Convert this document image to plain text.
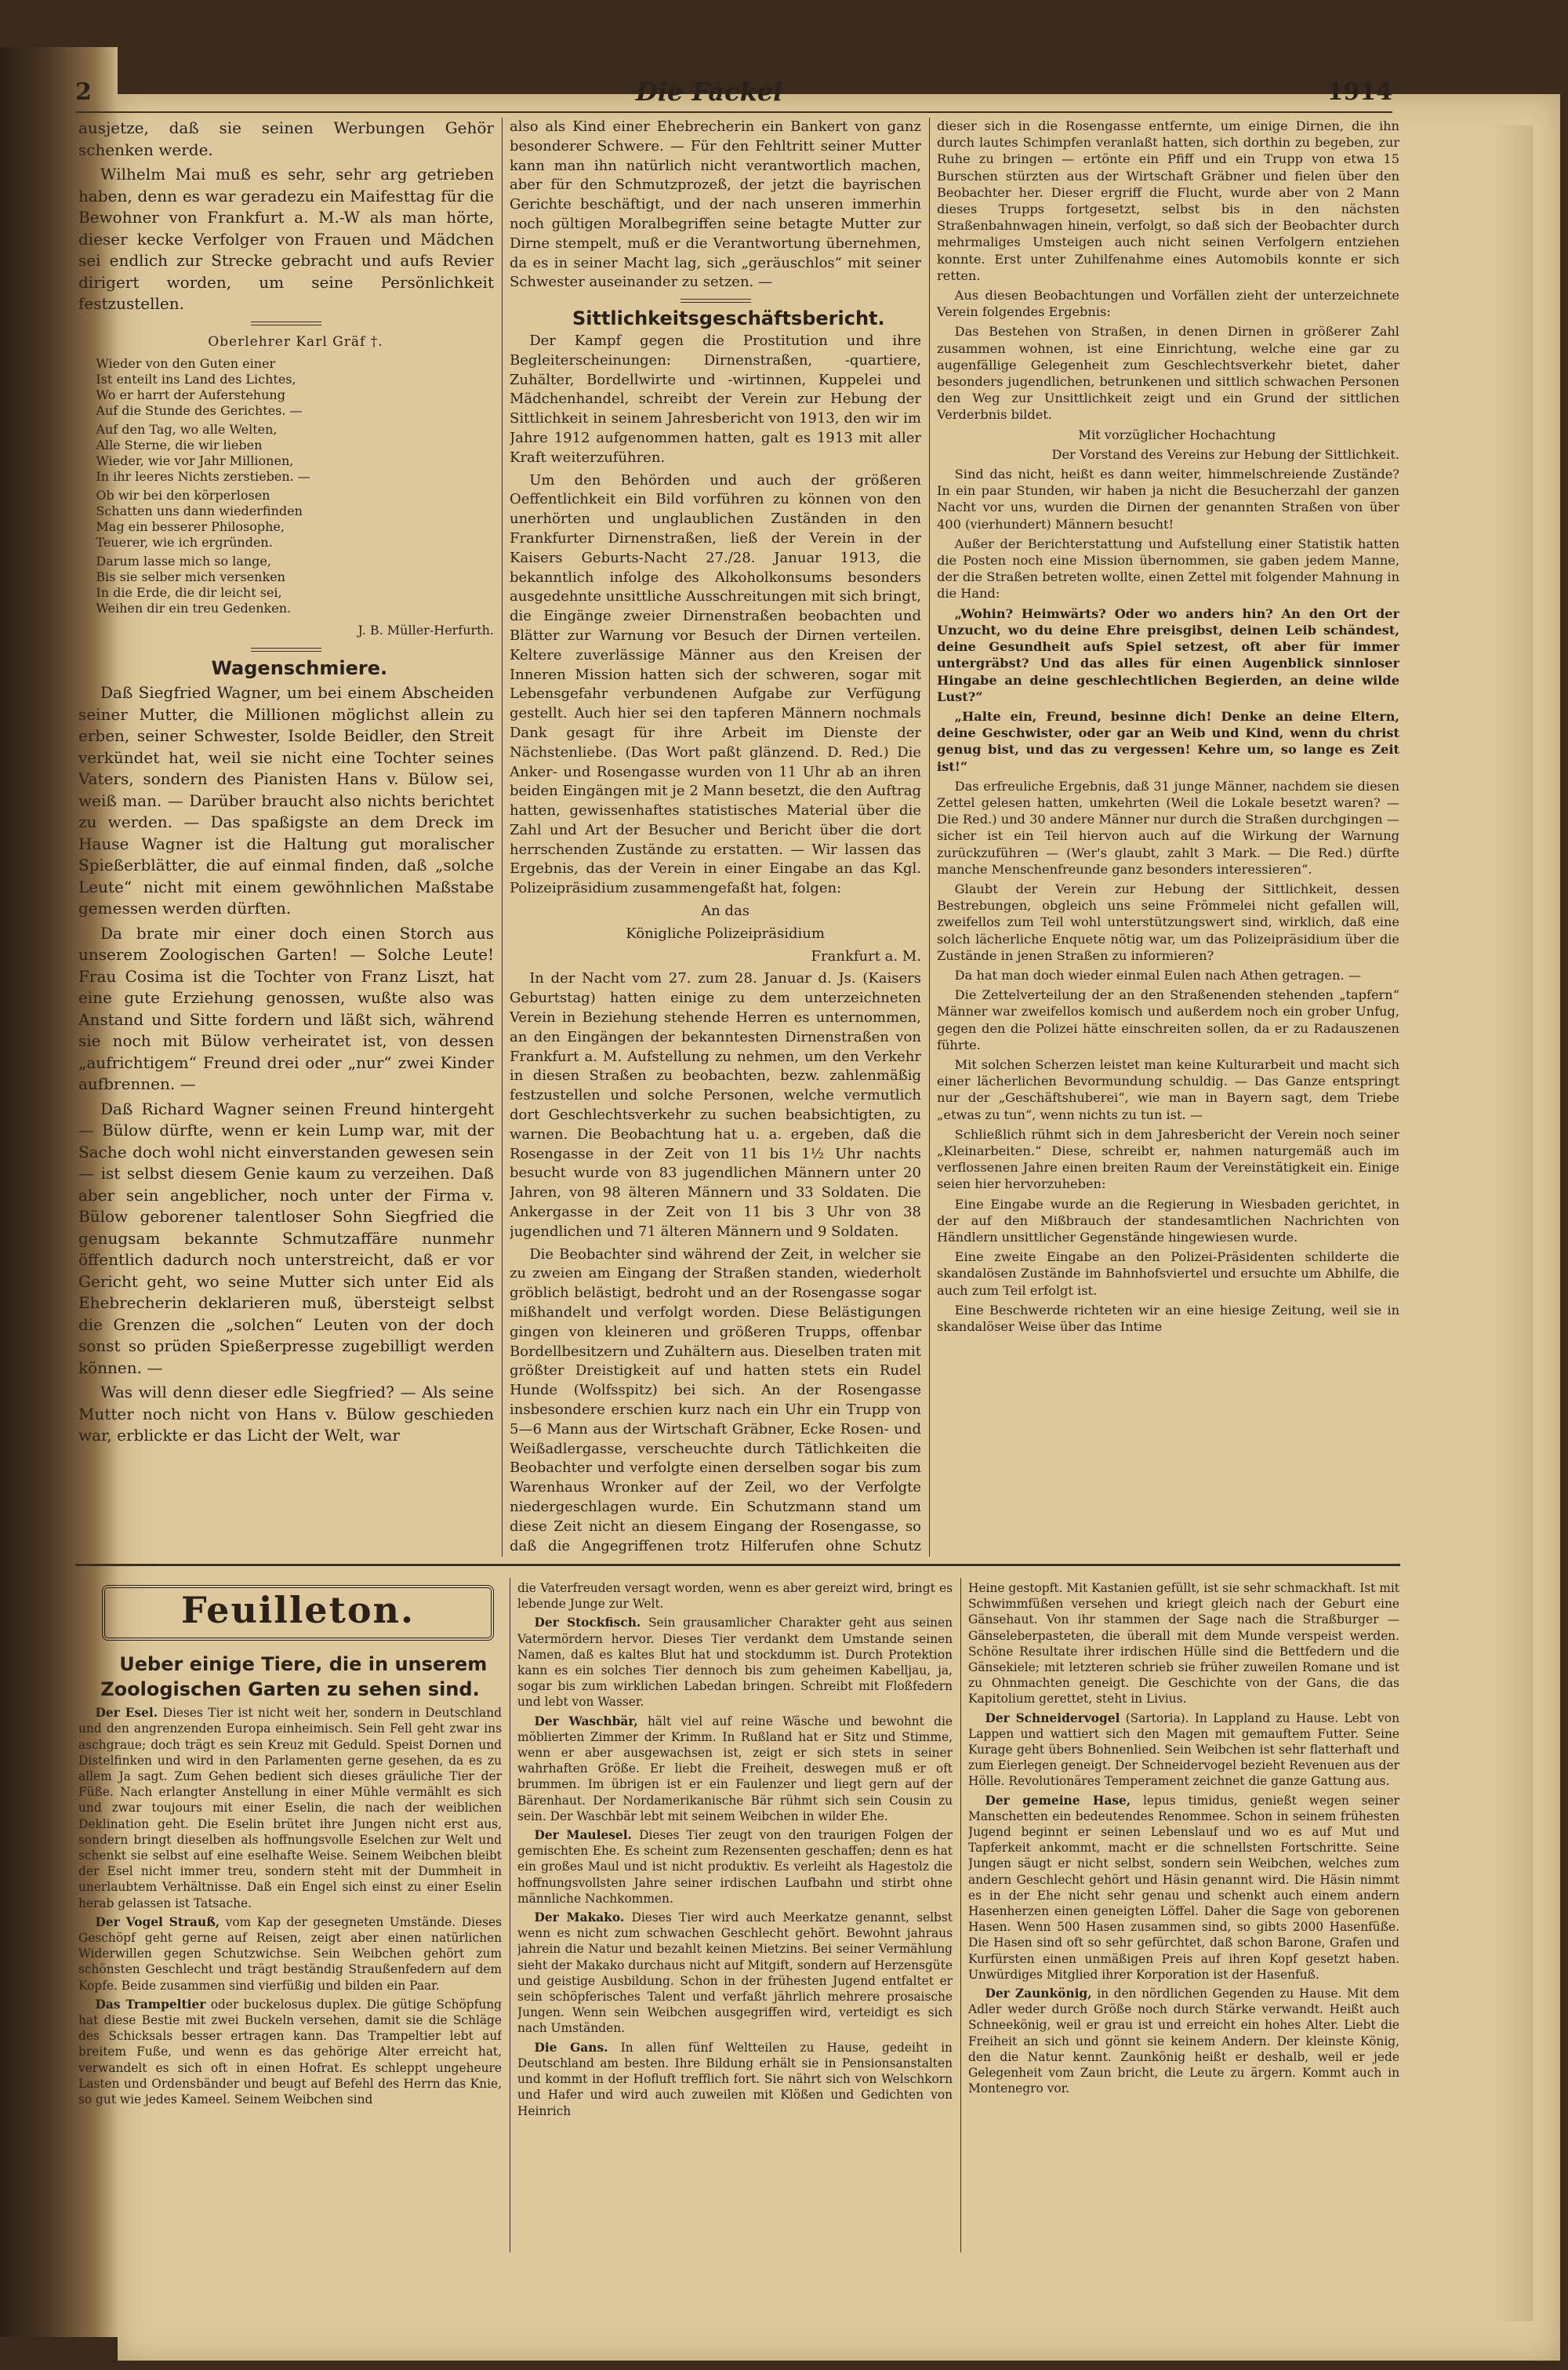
2	Die Fackel	1914

ausjetze, daß sie seinen Werbungen Gehör schenken werde.

Wilhelm Mai muß es sehr, sehr arg getrieben haben, denn es war geradezu ein Maifesttag für die Bewohner von Frankfurt a. M.-W als man hörte, dieser kecke Verfolger von Frauen und Mädchen sei endlich zur Strecke gebracht und aufs Revier dirigert worden, um seine Persönlichkeit festzustellen.

Oberlehrer Karl Gräf †.

Wieder von den Guten einer
Ist enteilt ins Land des Lichtes,
Wo er harrt der Auferstehung
Auf die Stunde des Gerichtes. —

Auf den Tag, wo alle Welten,
Alle Sterne, die wir lieben
Wieder, wie vor Jahr Millionen,
In ihr leeres Nichts zerstieben. —

Ob wir bei den körperlosen
Schatten uns dann wiederfinden
Mag ein besserer Philosophe,
Teuerer, wie ich ergründen.

Darum lasse mich so lange,
Bis sie selber mich versenken
In die Erde, die dir leicht sei,
Weihen dir ein treu Gedenken.

J. B. Müller-Herfurth.

Wagenschmiere.

Daß Siegfried Wagner, um bei einem Abscheiden seiner Mutter, die Millionen möglichst allein zu erben, seiner Schwester, Isolde Beidler, den Streit verkündet hat, weil sie nicht eine Tochter seines Vaters, sondern des Pianisten Hans v. Bülow sei, weiß man. — Darüber braucht also nichts berichtet zu werden. — Das spaßigste an dem Dreck im Hause Wagner ist die Haltung gut moralischer Spießerblätter, die auf einmal finden, daß „solche Leute“ nicht mit einem gewöhnlichen Maßstabe gemessen werden dürften.

Da brate mir einer doch einen Storch aus unserem Zoologischen Garten! — Solche Leute! Frau Cosima ist die Tochter von Franz Liszt, hat eine gute Erziehung genossen, wußte also was Anstand und Sitte fordern und läßt sich, während sie noch mit Bülow verheiratet ist, von dessen „aufrichtigem“ Freund drei oder „nur“ zwei Kinder aufbrennen. —

Daß Richard Wagner seinen Freund hintergeht — Bülow dürfte, wenn er kein Lump war, mit der Sache doch wohl nicht einverstanden gewesen sein — ist selbst diesem Genie kaum zu verzeihen. Daß aber sein angeblicher, noch unter der Firma v. Bülow geborener talentloser Sohn Siegfried die genugsam bekannte Schmutzaffäre nunmehr öffentlich dadurch noch unterstreicht, daß er vor Gericht geht, wo seine Mutter sich unter Eid als Ehebrecherin deklarieren muß, übersteigt selbst die Grenzen die „solchen“ Leuten von der doch sonst so prüden Spießerpresse zugebilligt werden können. —

Was will denn dieser edle Siegfried? — Als seine Mutter noch nicht von Hans v. Bülow geschieden war, erblickte er das Licht der Welt, war

also als Kind einer Ehebrecherin ein Bankert von ganz besonderer Schwere. — Für den Fehltritt seiner Mutter kann man ihn natürlich nicht verantwortlich machen, aber für den Schmutzprozeß, der jetzt die bayrischen Gerichte beschäftigt, und der nach unseren immerhin noch gültigen Moralbegriffen seine betagte Mutter zur Dirne stempelt, muß er die Verantwortung übernehmen, da es in seiner Macht lag, sich „geräuschlos“ mit seiner Schwester auseinander zu setzen. —

Sittlichkeitsgeschäftsbericht.

Der Kampf gegen die Prostitution und ihre Begleiterscheinungen: Dirnenstraßen, -quartiere, Zuhälter, Bordellwirte und -wirtinnen, Kuppelei und Mädchenhandel, schreibt der Verein zur Hebung der Sittlichkeit in seinem Jahresbericht von 1913, den wir im Jahre 1912 aufgenommen hatten, galt es 1913 mit aller Kraft weiterzuführen.

Um den Behörden und auch der größeren Oeffentlichkeit ein Bild vorführen zu können von den unerhörten und unglaublichen Zuständen in den Frankfurter Dirnenstraßen, ließ der Verein in der Kaisers Geburts-Nacht 27./28. Januar 1913, die bekanntlich infolge des Alkoholkonsums besonders ausgedehnte unsittliche Ausschreitungen mit sich bringt, die Eingänge zweier Dirnenstraßen beobachten und Blätter zur Warnung vor Besuch der Dirnen verteilen. Keltere zuverlässige Männer aus den Kreisen der Inneren Mission hatten sich der schweren, sogar mit Lebensgefahr verbundenen Aufgabe zur Verfügung gestellt. Auch hier sei den tapferen Männern nochmals Dank gesagt für ihre Arbeit im Dienste der Nächstenliebe. (Das Wort paßt glänzend. D. Red.) Die Anker- und Rosengasse wurden von 11 Uhr ab an ihren beiden Eingängen mit je 2 Mann besetzt, die den Auftrag hatten, gewissenhaftes statistisches Material über die Zahl und Art der Besucher und Bericht über die dort herrschenden Zustände zu erstatten. — Wir lassen das Ergebnis, das der Verein in einer Eingabe an das Kgl. Polizeipräsidium zusammengefaßt hat, folgen:

An das

Königliche Polizeipräsidium

Frankfurt a. M.

In der Nacht vom 27. zum 28. Januar d. Js. (Kaisers Geburtstag) hatten einige zu dem unterzeichneten Verein in Beziehung stehende Herren es unternommen, an den Eingängen der bekanntesten Dirnenstraßen von Frankfurt a. M. Aufstellung zu nehmen, um den Verkehr in diesen Straßen zu beobachten, bezw. zahlenmäßig festzustellen und solche Personen, welche vermutlich dort Geschlechtsverkehr zu suchen beabsichtigten, zu warnen. Die Beobachtung hat u. a. ergeben, daß die Rosengasse in der Zeit von 11 bis 1½ Uhr nachts besucht wurde von 83 jugendlichen Männern unter 20 Jahren, von 98 älteren Männern und 33 Soldaten. Die Ankergasse in der Zeit von 11 bis 3 Uhr von 38 jugendlichen und 71 älteren Männern und 9 Soldaten.

Die Beobachter sind während der Zeit, in welcher sie zu zweien am Eingang der Straßen standen, wiederholt gröblich belästigt, bedroht und an der Rosengasse sogar mißhandelt und verfolgt worden. Diese Belästigungen gingen von kleineren und größeren Trupps, offenbar Bordellbesitzern und Zuhältern aus. Dieselben traten mit größter Dreistigkeit auf und hatten stets ein Rudel Hunde (Wolfsspitz) bei sich. An der Rosengasse insbesondere erschien kurz nach ein Uhr ein Trupp von 5—6 Mann aus der Wirtschaft Gräbner, Ecke Rosen- und Weißadlergasse, verscheuchte durch Tätlichkeiten die Beobachter und verfolgte einen derselben sogar bis zum Warenhaus Wronker auf der Zeil, wo der Verfolgte niedergeschlagen wurde. Ein Schutzmann stand um diese Zeit nicht an diesem Eingang der Rosengasse, so daß die Angegriffenen trotz Hilferufen ohne Schutz

dieser sich in die Rosengasse entfernte, um einige Dirnen, die ihn durch lautes Schimpfen veranlaßt hatten, sich dorthin zu begeben, zur Ruhe zu bringen — ertönte ein Pfiff und ein Trupp von etwa 15 Burschen stürzten aus der Wirtschaft Gräbner und fielen über den Beobachter her. Dieser ergriff die Flucht, wurde aber von 2 Mann dieses Trupps fortgesetzt, selbst bis in den nächsten Straßenbahnwagen hinein, verfolgt, so daß sich der Beobachter durch mehrmaliges Umsteigen auch nicht seinen Verfolgern entziehen konnte. Erst unter Zuhilfenahme eines Automobils konnte er sich retten.

Aus diesen Beobachtungen und Vorfällen zieht der unterzeichnete Verein folgendes Ergebnis:

Das Bestehen von Straßen, in denen Dirnen in größerer Zahl zusammen wohnen, ist eine Einrichtung, welche eine gar zu augenfällige Gelegenheit zum Geschlechtsverkehr bietet, daher besonders jugendlichen, betrunkenen und sittlich schwachen Personen den Weg zur Unsittlichkeit zeigt und ein Grund der sittlichen Verderbnis bildet.

Mit vorzüglicher Hochachtung

Der Vorstand des Vereins zur Hebung der Sittlichkeit.

Sind das nicht, heißt es dann weiter, himmelschreiende Zustände? In ein paar Stunden, wir haben ja nicht die Besucherzahl der ganzen Nacht vor uns, wurden die Dirnen der genannten Straßen von über 400 (vierhundert) Männern besucht!

Außer der Berichterstattung und Aufstellung einer Statistik hatten die Posten noch eine Mission übernommen, sie gaben jedem Manne, der die Straßen betreten wollte, einen Zettel mit folgender Mahnung in die Hand:

„Wohin? Heimwärts? Oder wo anders hin? An den Ort der Unzucht, wo du deine Ehre preisgibst, deinen Leib schändest, deine Gesundheit aufs Spiel setzest, oft aber für immer untergräbst? Und das alles für einen Augenblick sinnloser Hingabe an deine geschlechtlichen Begierden, an deine wilde Lust?“

„Halte ein, Freund, besinne dich! Denke an deine Eltern, deine Geschwister, oder gar an Weib und Kind, wenn du christ genug bist, und das zu vergessen! Kehre um, so lange es Zeit ist!“

Das erfreuliche Ergebnis, daß 31 junge Männer, nachdem sie diesen Zettel gelesen hatten, umkehrten (Weil die Lokale besetzt waren? — Die Red.) und 30 andere Männer nur durch die Straßen durchgingen — sicher ist ein Teil hiervon auch auf die Wirkung der Warnung zurückzuführen — (Wer's glaubt, zahlt 3 Mark. — Die Red.) dürfte manche Menschenfreunde ganz besonders interessieren“.

Glaubt der Verein zur Hebung der Sittlichkeit, dessen Bestrebungen, obgleich uns seine Frömmelei nicht gefallen will, zweifellos zum Teil wohl unterstützungswert sind, wirklich, daß eine solch lächerliche Enquete nötig war, um das Polizeipräsidium über die Zustände in jenen Straßen zu informieren?

Da hat man doch wieder einmal Eulen nach Athen getragen. —

Die Zettelverteilung der an den Straßenenden stehenden „tapfern“ Männer war zweifellos komisch und außerdem noch ein grober Unfug, gegen den die Polizei hätte einschreiten sollen, da er zu Radauszenen führte.

Mit solchen Scherzen leistet man keine Kulturarbeit und macht sich einer lächerlichen Bevormundung schuldig. — Das Ganze entspringt nur der „Geschäftshuberei“, wie man in Bayern sagt, dem Triebe „etwas zu tun“, wenn nichts zu tun ist. —

Schließlich rühmt sich in dem Jahresbericht der Verein noch seiner „Kleinarbeiten.“ Diese, schreibt er, nahmen naturgemäß auch im verflossenen Jahre einen breiten Raum der Vereinstätigkeit ein. Einige seien hier hervorzuheben:

Eine Eingabe wurde an die Regierung in Wiesbaden gerichtet, in der auf den Mißbrauch der standesamtlichen Nachrichten von Händlern unsittlicher Gegenstände hingewiesen wurde.

Eine zweite Eingabe an den Polizei-Präsidenten schilderte die skandalösen Zustände im Bahnhofsviertel und ersuchte um Abhilfe, die auch zum Teil erfolgt ist.

Eine Beschwerde richteten wir an eine hiesige Zeitung, weil sie in skandalöser Weise über das Intime

Feuilleton.

Ueber einige Tiere, die in unserem Zoologischen Garten zu sehen sind.

Der Esel. Dieses Tier ist nicht weit her, sondern in Deutschland und den angrenzenden Europa einheimisch. Sein Fell geht zwar ins aschgraue; doch trägt es sein Kreuz mit Geduld. Speist Dornen und Distelfinken und wird in den Parlamenten gerne gesehen, da es zu allem Ja sagt. Zum Gehen bedient sich dieses gräuliche Tier der Füße. Nach erlangter Anstellung in einer Mühle vermählt es sich und zwar toujours mit einer Eselin, die nach der weiblichen Deklination geht. Die Eselin brütet ihre Jungen nicht erst aus, sondern bringt dieselben als hoffnungsvolle Eselchen zur Welt und schenkt sie selbst auf eine eselhafte Weise. Seinem Weibchen bleibt der Esel nicht immer treu, sondern steht mit der Dummheit in unerlaubtem Verhältnisse. Daß ein Engel sich einst zu einer Eselin herab gelassen ist Tatsache.

Der Vogel Strauß, vom Kap der gesegneten Umstände. Dieses Geschöpf geht gerne auf Reisen, zeigt aber einen natürlichen Widerwillen gegen Schutzwichse. Sein Weibchen gehört zum schönsten Geschlecht und trägt beständig Straußenfedern auf dem Kopfe. Beide zusammen sind vierfüßig und bilden ein Paar.

Das Trampeltier oder buckelosus duplex. Die gütige Schöpfung hat diese Bestie mit zwei Buckeln versehen, damit sie die Schläge des Schicksals besser ertragen kann. Das Trampeltier lebt auf breitem Fuße, und wenn es das gehörige Alter erreicht hat, verwandelt es sich oft in einen Hofrat. Es schleppt ungeheure Lasten und Ordensbänder und beugt auf Befehl des Herrn das Knie, so gut wie jedes Kameel. Seinem Weibchen sind

die Vaterfreuden versagt worden, wenn es aber gereizt wird, bringt es lebende Junge zur Welt.

Der Stockfisch. Sein grausamlicher Charakter geht aus seinen Vatermördern hervor. Dieses Tier verdankt dem Umstande seinen Namen, daß es kaltes Blut hat und stockdumm ist. Durch Protektion kann es ein solches Tier dennoch bis zum geheimen Kabelljau, ja, sogar bis zum wirklichen Labedan bringen. Schreibt mit Floßfedern und lebt von Wasser.

Der Waschbär, hält viel auf reine Wäsche und bewohnt die möblierten Zimmer der Krimm. In Rußland hat er Sitz und Stimme, wenn er aber ausgewachsen ist, zeigt er sich stets in seiner wahrhaften Größe. Er liebt die Freiheit, deswegen muß er oft brummen. Im übrigen ist er ein Faulenzer und liegt gern auf der Bärenhaut. Der Nordamerikanische Bär rühmt sich sein Cousin zu sein. Der Waschbär lebt mit seinem Weibchen in wilder Ehe.

Der Maulesel. Dieses Tier zeugt von den traurigen Folgen der gemischten Ehe. Es scheint zum Rezensenten geschaffen; denn es hat ein großes Maul und ist nicht produktiv. Es verleiht als Hagestolz die hoffnungsvollsten Jahre seiner irdischen Laufbahn und stirbt ohne männliche Nachkommen.

Der Makako. Dieses Tier wird auch Meerkatze genannt, selbst wenn es nicht zum schwachen Geschlecht gehört. Bewohnt jahraus jahrein die Natur und bezahlt keinen Mietzins. Bei seiner Vermählung sieht der Makako durchaus nicht auf Mitgift, sondern auf Herzensgüte und geistige Ausbildung. Schon in der frühesten Jugend entfaltet er sein schöpferisches Talent und verfaßt jährlich mehrere prosaische Jungen. Wenn sein Weibchen ausgegriffen wird, verteidigt es sich nach Umständen.

Die Gans. In allen fünf Weltteilen zu Hause, gedeiht in Deutschland am besten. Ihre Bildung erhält sie in Pensionsanstalten und kommt in der Hofluft trefflich fort. Sie nährt sich von Welschkorn und Hafer und wird auch zuweilen mit Klößen und Gedichten von Heinrich

Heine gestopft. Mit Kastanien gefüllt, ist sie sehr schmackhaft. Ist mit Schwimmfüßen versehen und kriegt gleich nach der Geburt eine Gänsehaut. Von ihr stammen der Sage nach die Straßburger — Gänseleberpasteten, die überall mit dem Munde verspeist werden. Schöne Resultate ihrer irdischen Hülle sind die Bettfedern und die Gänsekiele; mit letzteren schrieb sie früher zuweilen Romane und ist zu Ohnmachten geneigt. Die Geschichte von der Gans, die das Kapitolium gerettet, steht in Livius.

Der Schneidervogel (Sartoria). In Lappland zu Hause. Lebt von Lappen und wattiert sich den Magen mit gemauftem Futter. Seine Kurage geht übers Bohnenlied. Sein Weibchen ist sehr flatterhaft und zum Eierlegen geneigt. Der Schneidervogel bezieht Revenuen aus der Hölle. Revolutionäres Temperament zeichnet die ganze Gattung aus.

Der gemeine Hase, lepus timidus, genießt wegen seiner Manschetten ein bedeutendes Renommee. Schon in seinem frühesten Jugend beginnt er seinen Lebenslauf und wo es auf Mut und Tapferkeit ankommt, macht er die schnellsten Fortschritte. Seine Jungen säugt er nicht selbst, sondern sein Weibchen, welches zum andern Geschlecht gehört und Häsin genannt wird. Die Häsin nimmt es in der Ehe nicht sehr genau und schenkt auch einem andern Hasenherzen einen geneigten Löffel. Daher die Sage von geborenen Hasen. Wenn 500 Hasen zusammen sind, so gibts 2000 Hasenfüße. Die Hasen sind oft so sehr gefürchtet, daß schon Barone, Grafen und Kurfürsten einen unmäßigen Preis auf ihren Kopf gesetzt haben. Unwürdiges Mitglied ihrer Korporation ist der Hasenfuß.

Der Zaunkönig, in den nördlichen Gegenden zu Hause. Mit dem Adler weder durch Größe noch durch Stärke verwandt. Heißt auch Schneekönig, weil er grau ist und erreicht ein hohes Alter. Liebt die Freiheit an sich und gönnt sie keinem Andern. Der kleinste König, den die Natur kennt. Zaunkönig heißt er deshalb, weil er jede Gelegenheit vom Zaun bricht, die Leute zu ärgern. Kommt auch in Montenegro vor.
